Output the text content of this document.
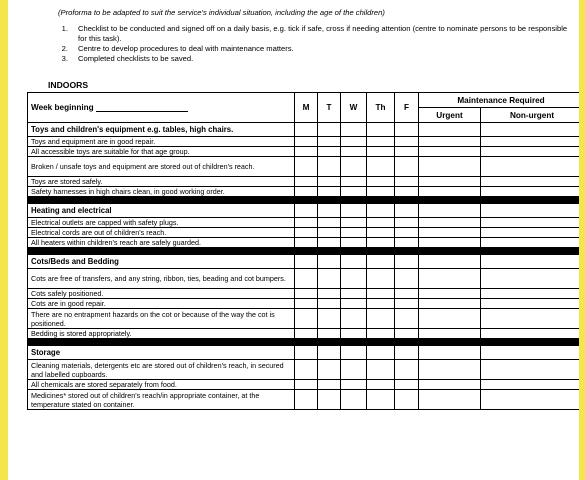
(Proforma to be adapted to suit the service's individual situation, including the age of the children)
1.	Checklist to be conducted and signed off on a daily basis, e.g. tick if safe, cross if needing attention (centre to nominate persons to be responsible for this task).
2.	Centre to develop procedures to deal with maintenance matters.
3.	Completed checklists to be saved.
INDOORS
Week beginning	M	T	W	Th	F	Maintenance Required	
						Urgent	Non-urgent
Toys and children's equipment e.g. tables, high chairs.							
Toys and equipment are in good repair.							
All accessible toys are suitable for that age group.							
Broken / unsafe toys and equipment are stored out of children's reach.							
Toys are stored safely.							
Safety harnesses in high chairs clean, in good working order.							

Heating and electrical							
Electrical outlets are capped with safety plugs.							
Electrical cords are out of children's reach.							
All heaters within children's reach are safely guarded.							

Cots/Beds and Bedding							
Cots are free of transfers, and any string, ribbon, ties, beading and cot bumpers.							
Cots safely positioned.							
Cots are in good repair.							
There are no entrapment hazards on the cot or because of the way the cot is positioned.							
Bedding is stored appropriately.							

Storage							
Cleaning materials, detergents etc are stored out of children's reach, in secured and labelled cupboards.							
All chemicals are stored separately from food.							
Medicines* stored out of children's reach/in appropriate container, at the temperature stated on container.							
